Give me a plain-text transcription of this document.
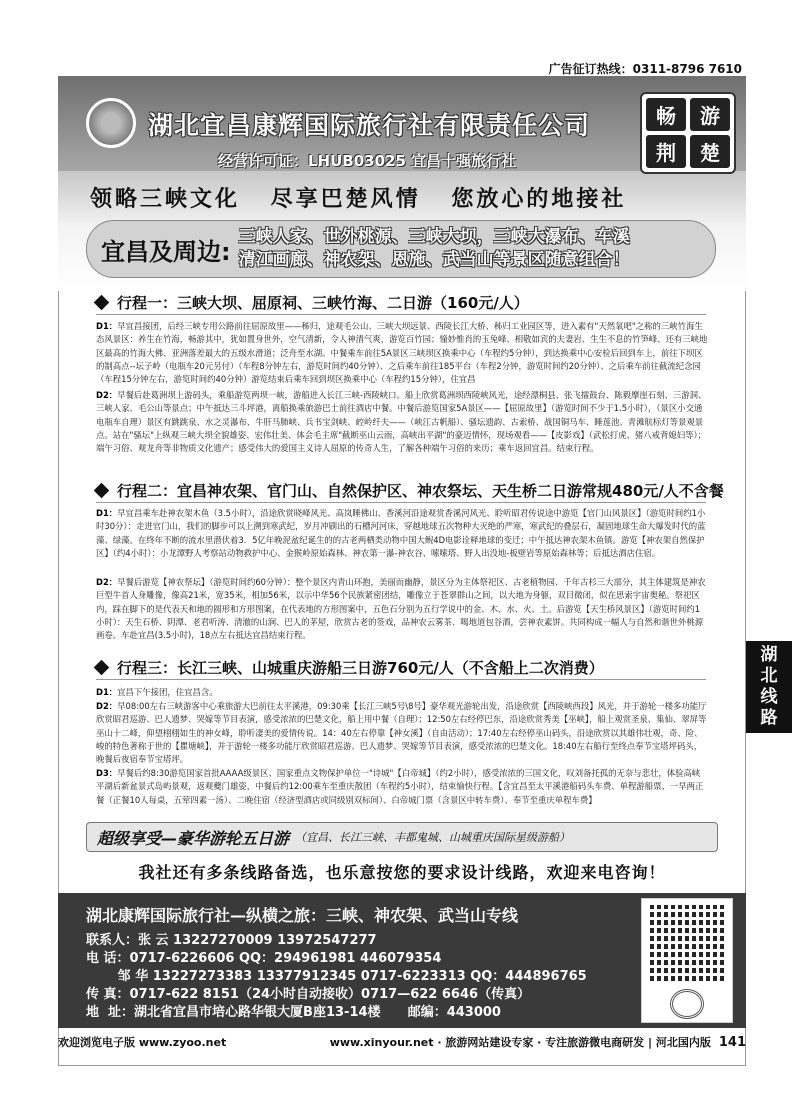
广告征订热线：0311-8796 7610
湖北宜昌康辉国际旅行社有限责任公司
经营许可证：LHUB03025 宜昌十强旅行社
畅	游
荆	楚
领略三峡文化 尽享巴楚风情 您放心的地接社
宜昌及周边:
三峡人家、世外桃源、三峡大坝，三峡大瀑布、车溪
清江画廊、神农架、恩施、武当山等景区随意组合！
行程一：三峡大坝、屈原祠、三峡竹海、二日游（160元/人）
D1：早宜昌接团，后经三峡专用公路前往屈原故里——秭归，途观毛公山、三峡大坝远景、西陵长江大桥、秭归工业园区等，进入素有"天然氧吧"之称的三峡竹海生态风景区：养生在竹海，畅游其中，犹如置身世外，空气清新，令人神清气爽，游览百竹园；憧妙惟肖的玉兔峰、相敬如宾的夫妻岩、生生不息的竹笋峰、还有三峡地区最高的竹海大佛、亚洲落差最大的五级水滑道；泛舟至水湖。中餐乘车前往5A景区三峡坝区换乘中心（车程约5分钟），到达换乘中心安检后回到车上，前往下坝区的制高点--坛子岭（电瓶车20元另付）（车程8分钟左右，游览时间约40分钟）、之后乘车前往185平台（车程2分钟，游览时间约20分钟）、之后乘车前往截流纪念园（车程15分钟左右，游览时间约40分钟）游览结束后乘车回到坝区换乘中心（车程约15分钟），住宜昌
D2：早餐后赴葛洲坝上游码头，乘船游览两坝一峡，游船进入长江三峡-西陵峡口。船上欣赏葛洲坝西陵峡风光，途经漂桐县、张飞擂鼓台、陈毅摩崖石刻、三游洞、三峡人家、毛公山等景点；中午抵达三斗坪港，离船换乘旅游巴士前往酒店中餐。中餐后游览国家5A景区——【屈原故里】（游览时间不少于1.5小时），（景区小交通电瓶车自理）景区有跳跳泉、水之灵瀑布、牛肝马肺峡、兵书宝剑峡、崆岭纤夫——（峡江古帆船）、骚坛遗韵、古索桥、战国铜马车、睡莲池、青滩航标灯等景观景点。站在"骚坛"上纵观三峡大坝全貌雄姿、宏伟壮美、体会毛主席"截断巫山云雨，高峡出平湖"的豪迈情怀，现场观看——【皮影戏】（武松打虎、猪八戒背媳妇等）；端午习俗、观龙舟等非物质文化遗产；感受伟大的爱国主义诗人屈原的传奇人生，了解各种端午习俗的来历；乘车返回宜昌。结束行程。
行程二：宜昌神农架、官门山、自然保护区、神农祭坛、天生桥二日游常规480元/人不含餐
D1：早宜昌乘车赴神农架木鱼（3.5小时），沿途欣赏晓峰风光、高岚睡佛山、香溪河沿途观赏香溪河风光、聆听昭君传说途中游览【官门山风景区】（游览时间约1小时30分）：走进官门山，我们的脚步可以上溯到寒武纪，岁月冲刷出的石槽河河床，穿越地球五次物种大灭绝的严寒，寒武纪的叠层石，凝固地球生命大爆发时代的蓝藻、绿藻。在终年不断的流水里潜伏着3．5亿年晚泥盆纪诞生的的古老两栖类动物中国大鲵4D电影诠释地球的变迁；中午抵达神农架木鱼镇。游览【神农架自然保护区】（约4小时）：小龙潭野人考察站动物救护中心、金猴岭原始森林、神农第一瀑-神农谷、嗦嗦塔、野人出没地-板壁岩等原始森林等；后抵达酒店住宿。
D2：早餐后游览【神农祭坛】（游览时间约60分钟）：整个景区内青山环抱，美丽而幽静，景区分为主体祭祀区、古老植物园、千年古杉三大部分，其主体建筑是神农巨型牛首人身雕像，像高21米，宽35米，相加56米，以示中华56个民族紧密团结，雕像立于苍翠群山之间，以大地为身躯，双目微闭，似在思索宇宙奥秘。祭祀区内，踩在脚下的是代表天和地的圆形和方形图案，在代表地的方形图案中，五色石分别为五行学说中的金、木、水、火、土。后游览【天生桥风景区】（游览时间约1小时）：天生石桥、阴潭、老君听涛、清澈的山涧、巴人的茅屋，欣赏古老的签戏，品神农云雾茶、喝地道包谷酒，尝神农素饼。共同构成一幅人与自然和谐世外桃源画卷。车赴宜昌(3.5小时)，18点左右抵达宜昌结束行程。
行程三：长江三峡、山城重庆游船三日游760元/人（不含船上二次消费）
D1：宜昌下午接团，住宜昌含。
D2：早08:00左右三峡游客中心乘旅游大巴前往太平溪港，09:30乘【长江三峡5号\8号】豪华观光游轮出发，沿途欣赏【西陵峡西段】风光，并于游轮一楼多功能厅欣赏昭君巡游、巴人遗梦、哭嫁等节目表演，感受浓浓的巴楚文化，船上用中餐（自理）；12:50左右经停巴东，沿途欣赏秀美【巫峡】，船上观赏圣泉、集仙、翠屏等巫山十二峰，仰望栩栩如生的神女峰，聆听凄美的爱情传说。14：40左右停靠【神女溪】（自由活动）；17:40左右经停巫山码头，沿途欣赏以其雄伟壮观，奇、险、峻的特色著称于世的【瞿塘峡】，并于游轮一楼多功能厅欣赏昭君巡游、巴人遗梦、哭嫁等节目表演，感受浓浓的巴楚文化。18:40左右船行至终点奉节宝塔坪码头，晚餐后夜宿奉节宝塔坪。
D3：早餐后约8:30游览国家首批AAAA级景区、国家重点文物保护单位一"诗城"【白帝城】（约2小时），感受浓浓的三国文化，叹刘备托孤的无奈与悲壮，体验高峡平湖后新盆景式岛屿景观，返观夔门雄姿，中餐后约12:00乘车至重庆散团（车程约5小时），结束愉快行程。【含宜昌至太平溪港船码头车费、单程游船票、一早两正餐（正餐10人每桌，五荤四素一汤）、二晚住宿（经济型酒店或同级别双标间）、白帝城门票（含景区中转车费）、奉节至重庆单程车费】
湖
北
线
路
超级享受—豪华游轮五日游 （宜昌、长江三峡、丰都鬼城、山城重庆国际星级游船）
我社还有多条线路备选，也乐意按您的要求设计线路，欢迎来电咨询！
湖北康辉国际旅行社—纵横之旅：三峡、神农架、武当山专线
联系人：张 云 13227270009 13972547277
电 话：0717-6226606 QQ：294961981 446079354
邹 华 13227273383 13377912345 0717-6223313 QQ：444896765
传 真：0717-622 8151（24小时自动接收）0717—622 6646（传真）
地  址：湖北省宜昌市培心路华银大厦B座13-14楼      邮编：443000
欢迎浏览电子版 www.zyoo.net	www.xinyour.net · 旅游网站建设专家 · 专注旅游微电商研发 | 河北国内版 141
